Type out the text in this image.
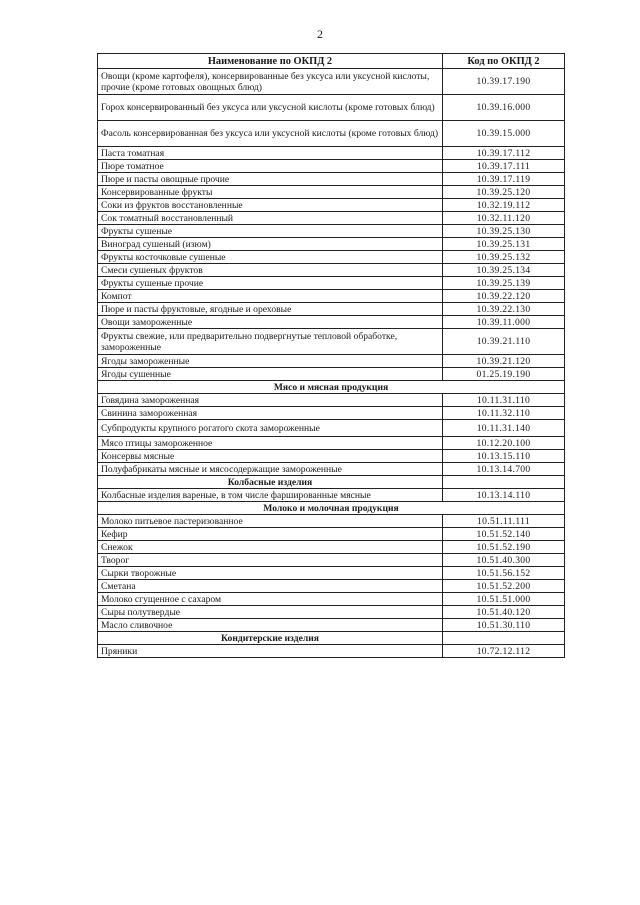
2
Наименование по ОКПД 2	Код по ОКПД 2
Овощи (кроме картофеля), консервированные без уксуса или уксусной кислоты, прочие (кроме готовых овощных блюд)	10.39.17.190
Горох консервированный без уксуса или уксусной кислоты (кроме готовых блюд)	10.39.16.000
Фасоль консервированная без уксуса или уксусной кислоты (кроме готовых блюд)	10.39.15.000
Паста томатная	10.39.17.112
Пюре томатное	10.39.17.111
Пюре и пасты овощные прочие	10.39.17.119
Консервированные фрукты	10.39.25.120
Соки из фруктов восстановленные	10.32.19.112
Сок томатный восстановленный	10.32.11.120
Фрукты сушеные	10.39.25.130
Виноград сушеный (изюм)	10.39.25.131
Фрукты косточковые сушеные	10.39.25.132
Смеси сушеных фруктов	10.39.25.134
Фрукты сушеные прочие	10.39.25.139
Компот	10.39.22.120
Пюре и пасты фруктовые, ягодные и ореховые	10.39.22.130
Овощи замороженные	10.39.11.000
Фрукты свежие, или предварительно подвергнутые тепловой обработке, замороженные	10.39.21.110
Ягоды замороженные	10.39.21.120
Ягоды сушенные	01.25.19.190
Мясо и мясная продукция	
Говядина замороженная	10.11.31.110
Свинина замороженная	10.11.32.110
Субпродукты крупного рогатого скота замороженные	10.11.31.140
Мясо птицы замороженное	10.12.20.100
Консервы мясные	10.13.15.110
Полуфабрикаты мясные и мясосодержащие замороженные	10.13.14.700
Колбасные изделия	
Колбасные изделия вареные, в том числе фаршированные мясные	10.13.14.110
Молоко и молочная продукция	
Молоко питьевое пастеризованное	10.51.11.111
Кефир	10.51.52.140
Снежок	10.51.52.190
Творог	10.51.40.300
Сырки творожные	10.51.56.152
Сметана	10.51.52.200
Молоко сгущенное с сахаром	10.51.51.000
Сыры полутвердые	10.51.40.120
Масло сливочное	10.51.30.110
Кондитерские изделия	
Пряники	10.72.12.112
